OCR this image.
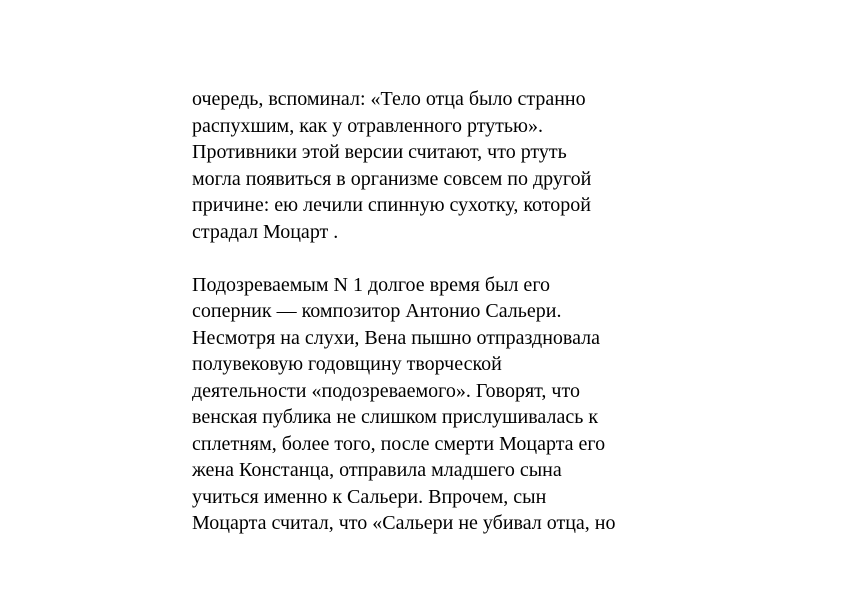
очередь, вспоминал: «Тело отца было странно
распухшим, как у отравленного ртутью».
Противники этой версии считают, что ртуть
могла появиться в организме совсем по другой
причине: ею лечили спинную сухотку, которой
страдал Моцарт .
Подозреваемым N 1 долгое время был его
соперник — композитор Антонио Сальери.
Несмотря на слухи, Вена пышно отпраздновала
полувековую годовщину творческой
деятельности «подозреваемого». Говорят, что
венская публика не слишком прислушивалась к
сплетням, более того, после смерти Моцарта его
жена Констанца, отправила младшего сына
учиться именно к Сальери. Впрочем, сын
Моцарта считал, что «Сальери не убивал отца, но
